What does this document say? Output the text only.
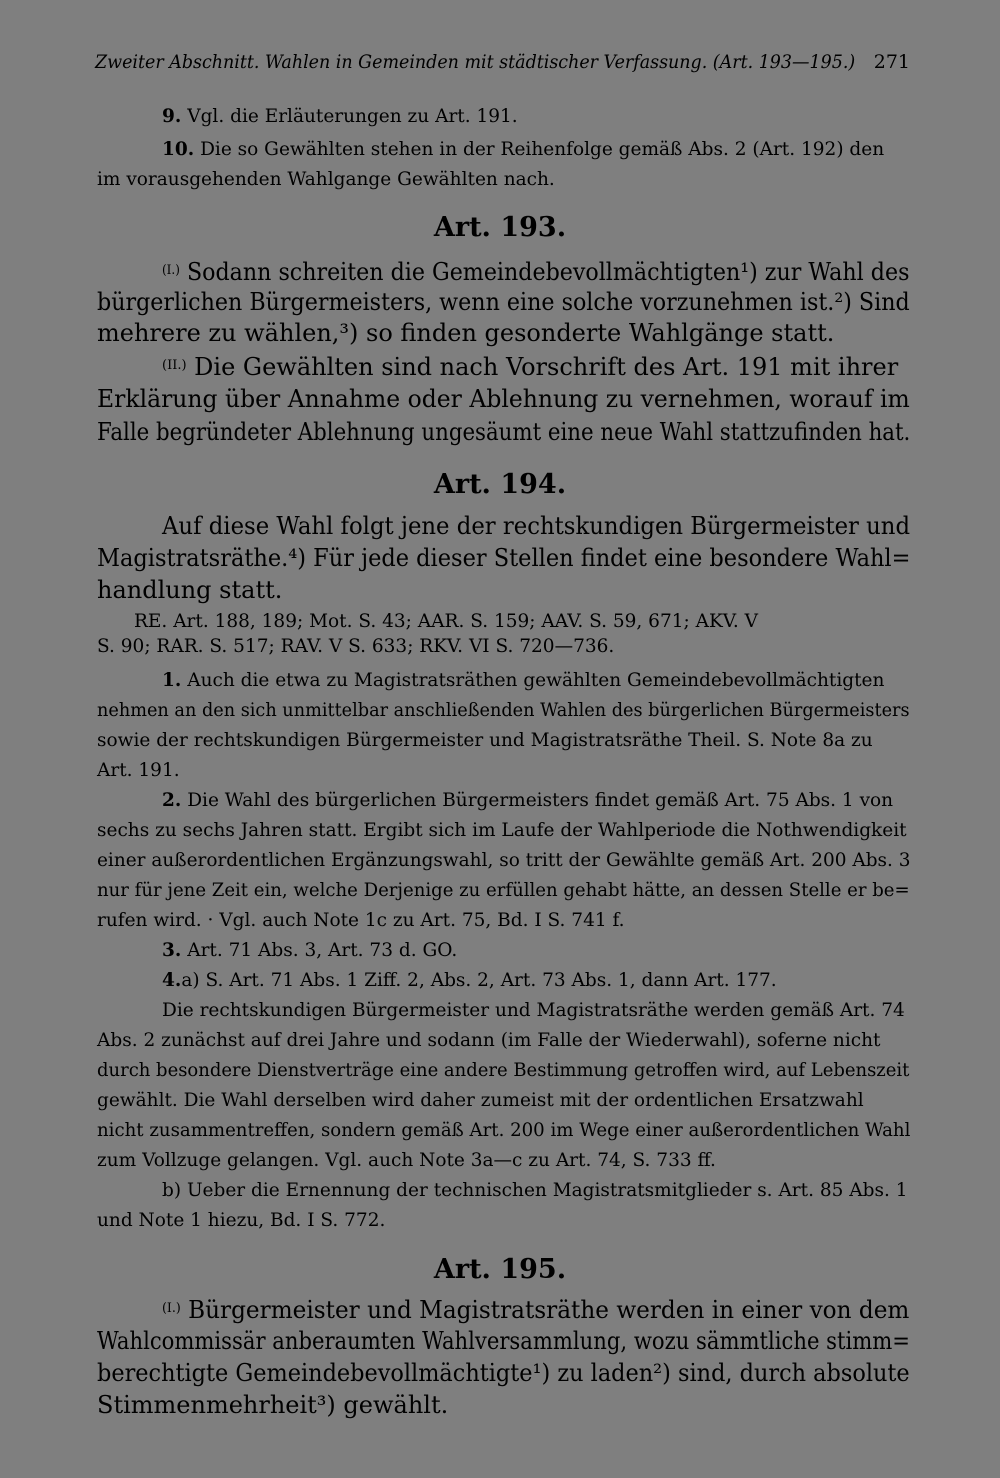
Zweiter Abschnitt. Wahlen in Gemeinden mit städtischer Verfassung. (Art. 193—195.) 271
9. Vgl. die Erläuterungen zu Art. 191.
10. Die so Gewählten stehen in der Reihenfolge gemäß Abs. 2 (Art. 192) den
im vorausgehenden Wahlgange Gewählten nach.
Art. 193.
$^{(I.)}$ Sodann schreiten die Gemeindebevollmächtigten¹) zur Wahl des
bürgerlichen Bürgermeisters, wenn eine solche vorzunehmen ist.²) Sind
mehrere zu wählen,³) so finden gesonderte Wahlgänge statt.
$^{(II.)}$ Die Gewählten sind nach Vorschrift des Art. 191 mit ihrer
Erklärung über Annahme oder Ablehnung zu vernehmen, worauf im
Falle begründeter Ablehnung ungesäumt eine neue Wahl stattzufinden hat.
Art. 194.
Auf diese Wahl folgt jene der rechtskundigen Bürgermeister und
Magistratsräthe.⁴) Für jede dieser Stellen findet eine besondere Wahl=
handlung statt.
RE. Art. 188, 189; Mot. S. 43; AAR. S. 159; AAV. S. 59, 671; AKV. V
S. 90; RAR. S. 517; RAV. V S. 633; RKV. VI S. 720—736.
1. Auch die etwa zu Magistratsräthen gewählten Gemeindebevollmächtigten
nehmen an den sich unmittelbar anschließenden Wahlen des bürgerlichen Bürgermeisters
sowie der rechtskundigen Bürgermeister und Magistratsräthe Theil. S. Note 8a zu
Art. 191.
2. Die Wahl des bürgerlichen Bürgermeisters findet gemäß Art. 75 Abs. 1 von
sechs zu sechs Jahren statt. Ergibt sich im Laufe der Wahlperiode die Nothwendigkeit
einer außerordentlichen Ergänzungswahl, so tritt der Gewählte gemäß Art. 200 Abs. 3
nur für jene Zeit ein, welche Derjenige zu erfüllen gehabt hätte, an dessen Stelle er be=
rufen wird. · Vgl. auch Note 1c zu Art. 75, Bd. I S. 741 f.
3. Art. 71 Abs. 3, Art. 73 d. GO.
4.a) S. Art. 71 Abs. 1 Ziff. 2, Abs. 2, Art. 73 Abs. 1, dann Art. 177.
Die rechtskundigen Bürgermeister und Magistratsräthe werden gemäß Art. 74
Abs. 2 zunächst auf drei Jahre und sodann (im Falle der Wiederwahl), soferne nicht
durch besondere Dienstverträge eine andere Bestimmung getroffen wird, auf Lebenszeit
gewählt. Die Wahl derselben wird daher zumeist mit der ordentlichen Ersatzwahl
nicht zusammentreffen, sondern gemäß Art. 200 im Wege einer außerordentlichen Wahl
zum Vollzuge gelangen. Vgl. auch Note 3a—c zu Art. 74, S. 733 ff.
b) Ueber die Ernennung der technischen Magistratsmitglieder s. Art. 85 Abs. 1
und Note 1 hiezu, Bd. I S. 772.
Art. 195.
$^{(I.)}$ Bürgermeister und Magistratsräthe werden in einer von dem
Wahlcommissär anberaumten Wahlversammlung, wozu sämmtliche stimm=
berechtigte Gemeindebevollmächtigte¹) zu laden²) sind, durch absolute
Stimmenmehrheit³) gewählt.
